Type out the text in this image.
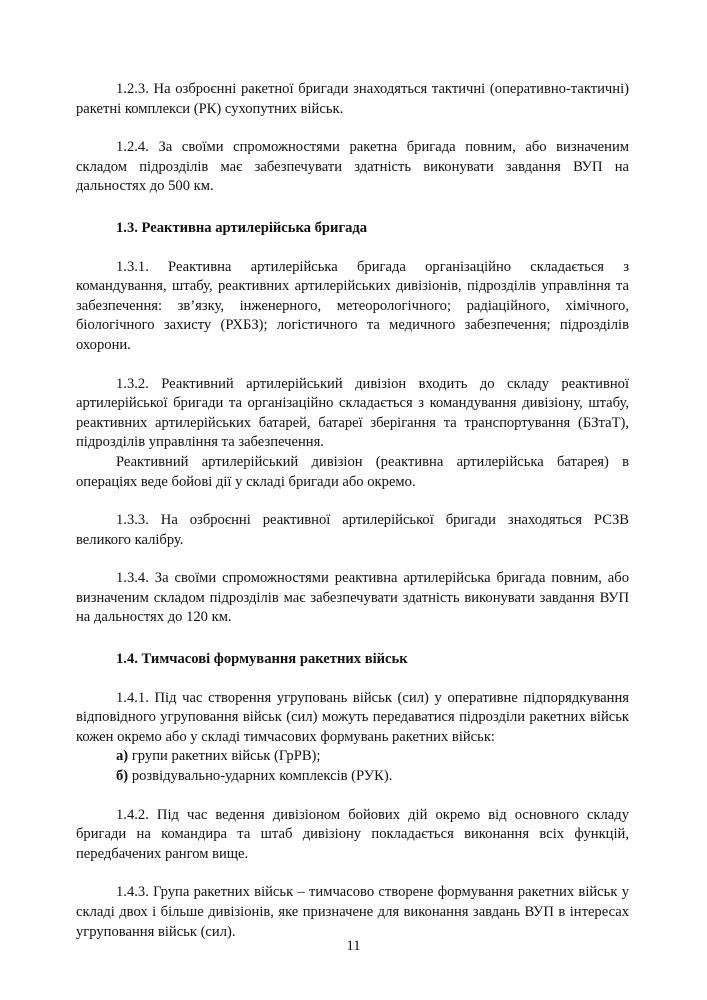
1.2.3. На озброєнні ракетної бригади знаходяться тактичні (оперативно-тактичні) ракетні комплекси (РК) сухопутних військ.

1.2.4. За своїми спроможностями ракетна бригада повним, або визначеним складом підрозділів має забезпечувати здатність виконувати завдання ВУП на дальностях до 500 км.

1.3. Реактивна артилерійська бригада

1.3.1. Реактивна артилерійська бригада організаційно складається з командування, штабу, реактивних артилерійських дивізіонів, підрозділів управління та забезпечення: зв’язку, інженерного, метеорологічного; радіаційного, хімічного, біологічного захисту (РХБЗ); логістичного та медичного забезпечення; підрозділів охорони.

1.3.2. Реактивний артилерійський дивізіон входить до складу реактивної артилерійської бригади та організаційно складається з командування дивізіону, штабу, реактивних артилерійських батарей, батареї зберігання та транспортування (БЗтаТ), підрозділів управління та забезпечення.

Реактивний артилерійський дивізіон (реактивна артилерійська батарея) в операціях веде бойові дії у складі бригади або окремо.

1.3.3. На озброєнні реактивної артилерійської бригади знаходяться РСЗВ великого калібру.

1.3.4. За своїми спроможностями реактивна артилерійська бригада повним, або визначеним складом підрозділів має забезпечувати здатність виконувати завдання ВУП на дальностях до 120 км.

1.4. Тимчасові формування ракетних військ

1.4.1. Під час створення угруповань військ (сил) у оперативне підпорядкування відповідного угруповання військ (сил) можуть передаватися підрозділи ракетних військ кожен окремо або у складі тимчасових формувань ракетних військ:

а) групи ракетних військ (ГрРВ);

б) розвідувально-ударних комплексів (РУК).

1.4.2. Під час ведення дивізіоном бойових дій окремо від основного складу бригади на командира та штаб дивізіону покладається виконання всіх функцій, передбачених рангом вище.

1.4.3. Група ракетних військ – тимчасово створене формування ракетних військ у складі двох і більше дивізіонів, яке призначене для виконання завдань ВУП в інтересах угруповання військ (сил).

11
